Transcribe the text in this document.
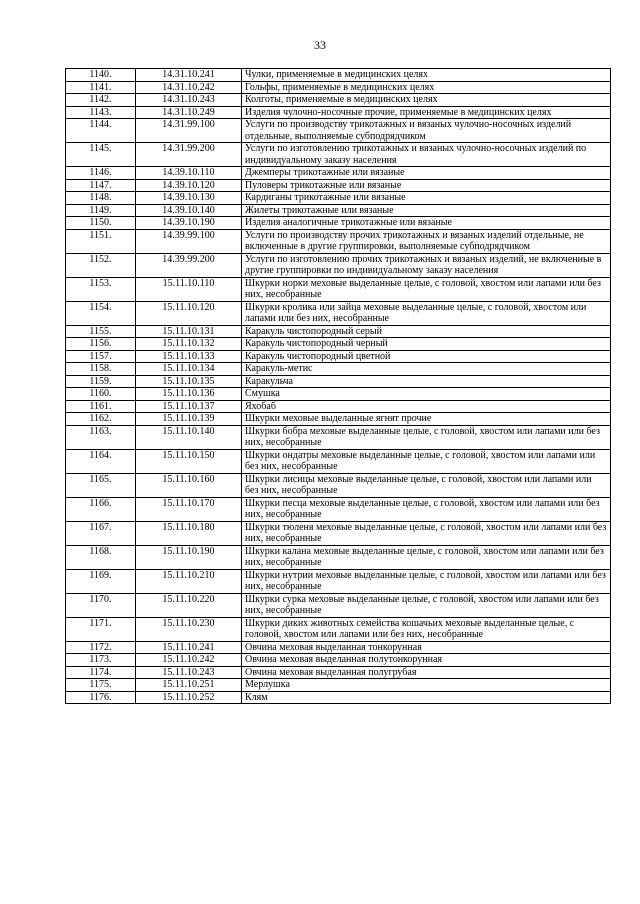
33
1140.	14.31.10.241	Чулки, применяемые в медицинских целях
1141.	14.31.10.242	Гольфы, применяемые в медицинских целях
1142.	14.31.10.243	Колготы, применяемые в медицинских целях
1143.	14.31.10.249	Изделия чулочно-носочные прочие, применяемые в медицинских целях
1144.	14.31.99.100	Услуги по производству трикотажных и вязаных чулочно-носочных изделий отдельные, выполняемые субподрядчиком
1145.	14.31.99.200	Услуги по изготовлению трикотажных и вязаных чулочно-носочных изделий по индивидуальному заказу населения
1146.	14.39.10.110	Джемперы трикотажные или вязаные
1147.	14.39.10.120	Пуловеры трикотажные или вязаные
1148.	14.39.10.130	Кардиганы трикотажные или вязаные
1149.	14.39.10.140	Жилеты трикотажные или вязаные
1150.	14.39.10.190	Изделия аналогичные трикотажные или вязаные
1151.	14.39.99.100	Услуги по производству прочих трикотажных и вязаных изделий отдельные, не включенные в другие группировки, выполняемые субподрядчиком
1152.	14.39.99.200	Услуги по изготовлению прочих трикотажных и вязаных изделий, не включенные в другие группировки по индивидуальному заказу населения
1153.	15.11.10.110	Шкурки норки меховые выделанные целые, с головой, хвостом или лапами или без них, несобранные
1154.	15.11.10.120	Шкурки кролика или зайца меховые выделанные целые, с головой, хвостом или лапами или без них, несобранные
1155.	15.11.10.131	Каракуль чистопородный серый
1156.	15.11.10.132	Каракуль чистопородный черный
1157.	15.11.10.133	Каракуль чистопородный цветной
1158.	15.11.10.134	Каракуль-метис
1159.	15.11.10.135	Каракульча
1160.	15.11.10.136	Смушка
1161.	15.11.10.137	Яхобаб
1162.	15.11.10.139	Шкурки меховые выделанные ягнят прочие
1163.	15.11.10.140	Шкурки бобра меховые выделанные целые, с головой, хвостом или лапами или без них, несобранные
1164.	15.11.10.150	Шкурки ондатры меховые выделанные целые, с головой, хвостом или лапами или без них, несобранные
1165.	15.11.10.160	Шкурки лисицы меховые выделанные целые, с головой, хвостом или лапами или без них, несобранные
1166.	15.11.10.170	Шкурки песца меховые выделанные целые, с головой, хвостом или лапами или без них, несобранные
1167.	15.11.10.180	Шкурки тюленя меховые выделанные целые, с головой, хвостом или лапами или без них, несобранные
1168.	15.11.10.190	Шкурки калана меховые выделанные целые, с головой, хвостом или лапами или без них, несобранные
1169.	15.11.10.210	Шкурки нутрии меховые выделанные целые, с головой, хвостом или лапами или без них, несобранные
1170.	15.11.10.220	Шкурки сурка меховые выделанные целые, с головой, хвостом или лапами или без них, несобранные
1171.	15.11.10.230	Шкурки диких животных семейства кошачьих меховые выделанные целые, с головой, хвостом или лапами или без них, несобранные
1172.	15.11.10.241	Овчина меховая выделанная тонкорунная
1173.	15.11.10.242	Овчина меховая выделанная полутонкорунная
1174.	15.11.10.243	Овчина меховая выделанная полугрубая
1175.	15.11.10.251	Мерлушка
1176.	15.11.10.252	Клям
